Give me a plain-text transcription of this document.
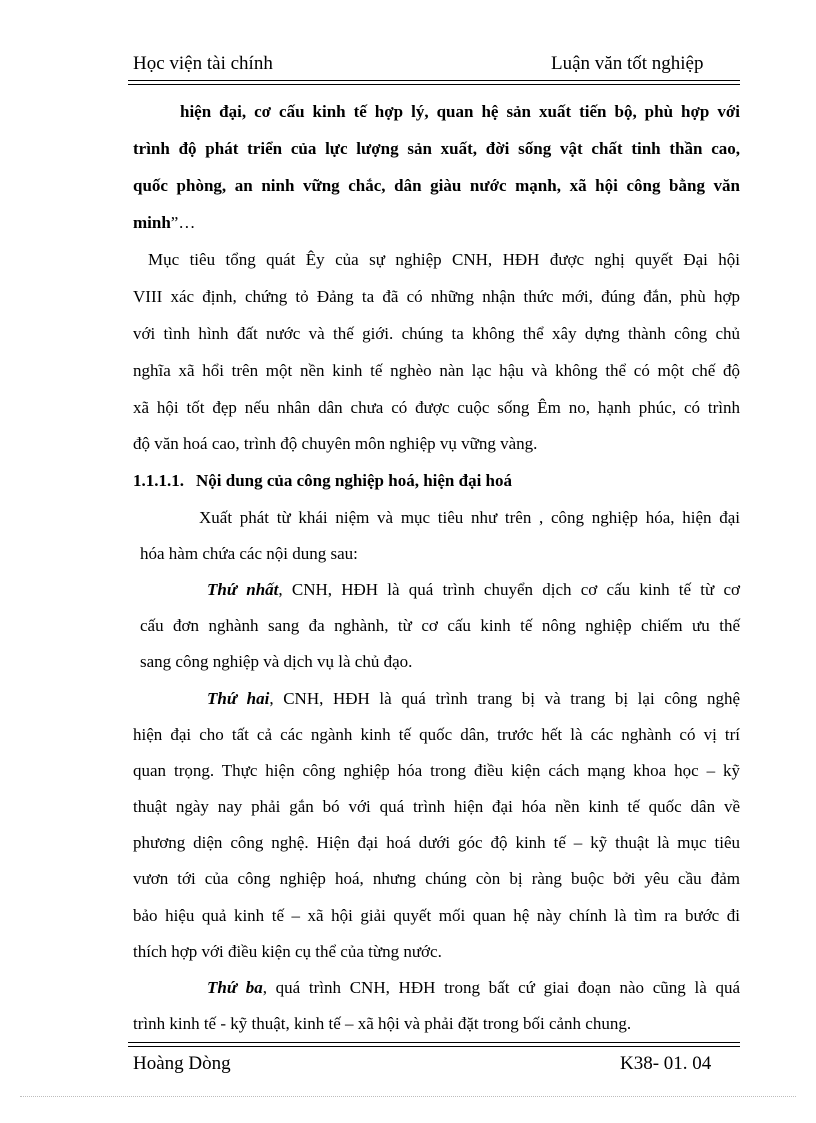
Học viện tài chính	Luận văn tốt nghiệp
hiện đại, cơ cấu kinh tế hợp lý, quan hệ sản xuất tiến bộ, phù hợp với
trình độ phát triển của lực lượng sản xuất, đời sống vật chất tinh thần cao,
quốc phòng, an ninh vững chắc, dân giàu nước mạnh, xã hội công bằng văn
minh”…
Mục tiêu tổng quát Êy của sự nghiệp CNH, HĐH được nghị quyết Đại hội
VIII xác định, chứng tỏ Đảng ta đã có những nhận thức mới, đúng đắn, phù hợp
với tình hình đất nước và thế giới. chúng ta không thể xây dựng thành công chủ
nghĩa xã hổi trên một nền kinh tế nghèo nàn lạc hậu và không thể có một chế độ
xã hội tốt đẹp nếu nhân dân chưa có được cuộc sống Êm no, hạnh phúc, có trình
độ văn hoá cao, trình độ chuyên môn nghiệp vụ vững vàng.
1.1.1.1. Nội dung của công nghiệp hoá, hiện đại hoá
Xuất phát từ khái niệm và mục tiêu như trên , công nghiệp hóa, hiện đại
hóa hàm chứa các nội dung sau:
Thứ nhất, CNH, HĐH là quá trình chuyển dịch cơ cấu kinh tế từ cơ
cấu đơn nghành sang đa nghành, từ cơ cấu kinh tế nông nghiệp chiếm ưu thế
sang công nghiệp và dịch vụ là chủ đạo.
Thứ hai, CNH, HĐH là quá trình trang bị và trang bị lại công nghệ
hiện đại cho tất cả các ngành kinh tế quốc dân, trước hết là các nghành có vị trí
quan trọng. Thực hiện công nghiệp hóa trong điều kiện cách mạng khoa học – kỹ
thuật ngày nay phải gắn bó với quá trình hiện đại hóa nền kinh tế quốc dân về
phương diện công nghệ. Hiện đại hoá dưới góc độ kinh tế – kỹ thuật là mục tiêu
vươn tới của công nghiệp hoá, nhưng chúng còn bị ràng buộc bởi yêu cầu đảm
bảo hiệu quả kinh tế – xã hội giải quyết mối quan hệ này chính là tìm ra bước đi
thích hợp với điều kiện cụ thể của từng nước.
Thứ ba, quá trình CNH, HĐH trong bất cứ giai đoạn nào cũng là quá
trình kinh tế - kỹ thuật, kinh tế – xã hội và phải đặt trong bối cảnh chung.
Hoàng Dòng	K38- 01. 04
